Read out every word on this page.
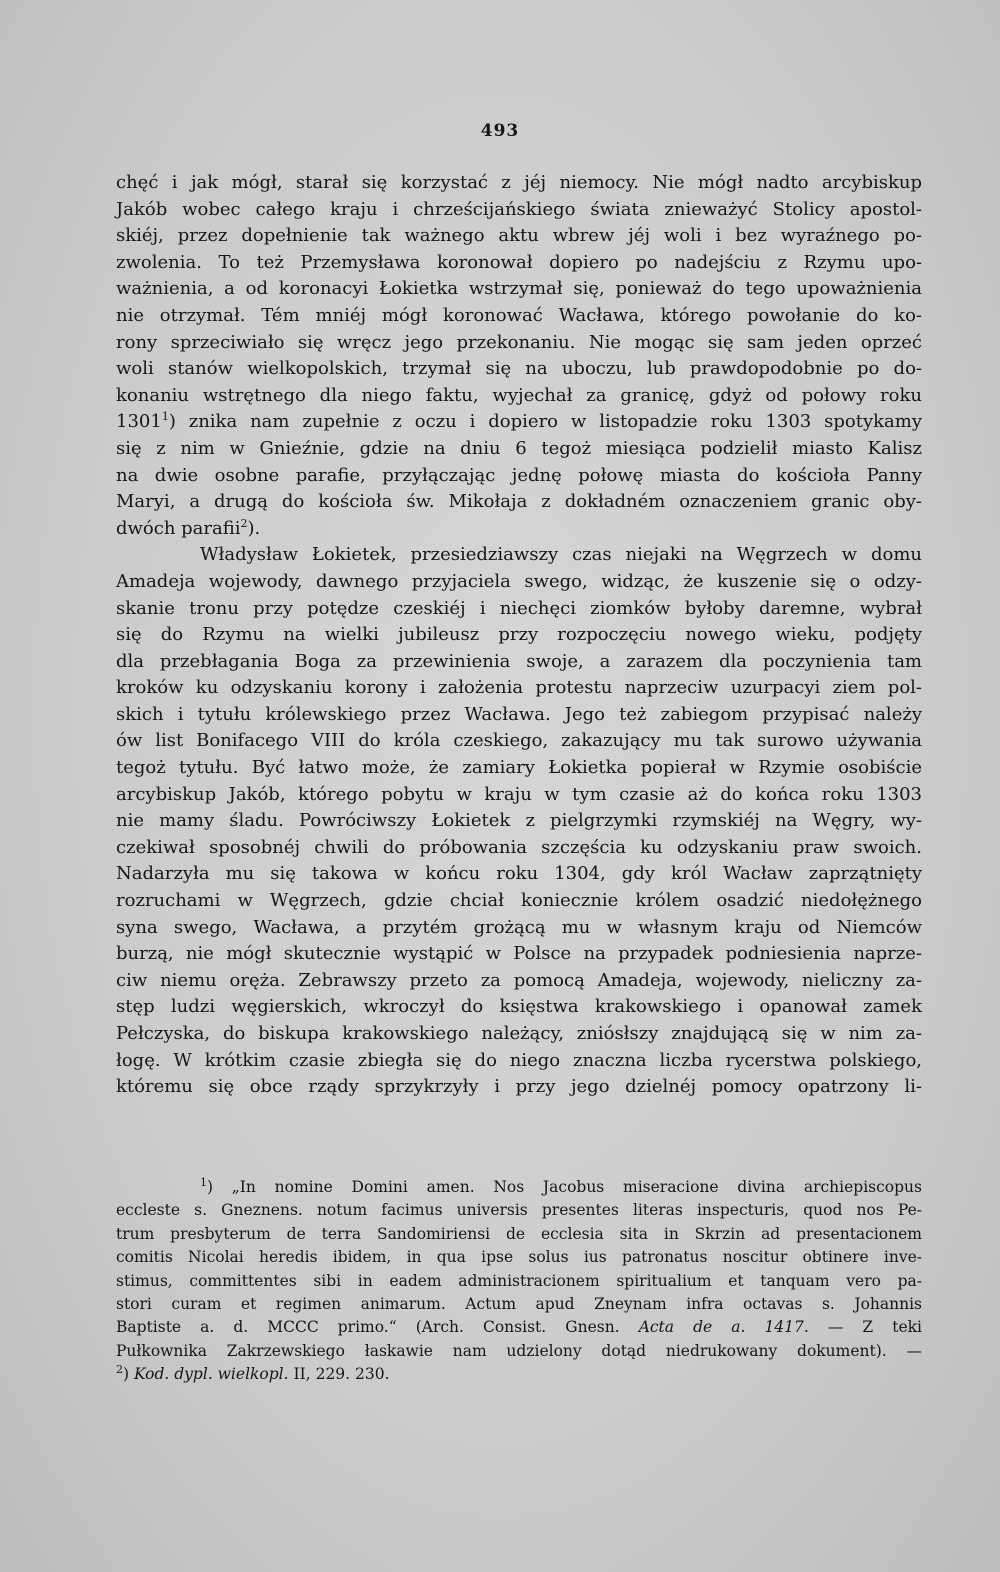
493
chęć i jak mógł, starał się korzystać z jéj niemocy. Nie mógł nadto arcybiskup
Jakób wobec całego kraju i chrześcijańskiego świata znieważyć Stolicy apostol-
skiéj, przez dopełnienie tak ważnego aktu wbrew jéj woli i bez wyraźnego po-
zwolenia. To też Przemysława koronował dopiero po nadejściu z Rzymu upo-
ważnienia, a od koronacyi Łokietka wstrzymał się, ponieważ do tego upoważnienia
nie otrzymał. Tém mniéj mógł koronować Wacława, którego powołanie do ko-
rony sprzeciwiało się wręcz jego przekonaniu. Nie mogąc się sam jeden oprzeć
woli stanów wielkopolskich, trzymał się na uboczu, lub prawdopodobnie po do-
konaniu wstrętnego dla niego faktu, wyjechał za granicę, gdyż od połowy roku
1301$^1$) znika nam zupełnie z oczu i dopiero w listopadzie roku 1303 spotykamy
się z nim w Gnieźnie, gdzie na dniu 6 tegoż miesiąca podzielił miasto Kalisz
na dwie osobne parafie, przyłączając jednę połowę miasta do kościoła Panny
Maryi, a drugą do kościoła św. Mikołaja z dokładném oznaczeniem granic oby-
dwóch parafii$^2$).
Władysław Łokietek, przesiedziawszy czas niejaki na Węgrzech w domu
Amadeja wojewody, dawnego przyjaciela swego, widząc, że kuszenie się o odzy-
skanie tronu przy potędze czeskiéj i niechęci ziomków byłoby daremne, wybrał
się do Rzymu na wielki jubileusz przy rozpoczęciu nowego wieku, podjęty
dla przebłagania Boga za przewinienia swoje, a zarazem dla poczynienia tam
kroków ku odzyskaniu korony i założenia protestu naprzeciw uzurpacyi ziem pol-
skich i tytułu królewskiego przez Wacława. Jego też zabiegom przypisać należy
ów list Bonifacego VIII do króla czeskiego, zakazujący mu tak surowo używania
tegoż tytułu. Być łatwo może, że zamiary Łokietka popierał w Rzymie osobiście
arcybiskup Jakób, którego pobytu w kraju w tym czasie aż do końca roku 1303
nie mamy śladu. Powróciwszy Łokietek z pielgrzymki rzymskiéj na Węgry, wy-
czekiwał sposobnéj chwili do próbowania szczęścia ku odzyskaniu praw swoich.
Nadarzyła mu się takowa w końcu roku 1304, gdy król Wacław zaprzątnięty
rozruchami w Węgrzech, gdzie chciał koniecznie królem osadzić niedołężnego
syna swego, Wacława, a przytém grożącą mu w własnym kraju od Niemców
burzą, nie mógł skutecznie wystąpić w Polsce na przypadek podniesienia naprze-
ciw niemu oręża. Zebrawszy przeto za pomocą Amadeja, wojewody, nieliczny za-
stęp ludzi węgierskich, wkroczył do księstwa krakowskiego i opanował zamek
Pełczyska, do biskupa krakowskiego należący, zniósłszy znajdującą się w nim za-
łogę. W krótkim czasie zbiegła się do niego znaczna liczba rycerstwa polskiego,
któremu się obce rządy sprzykrzyły i przy jego dzielnéj pomocy opatrzony li-
$^1$) „In nomine Domini amen. Nos Jacobus miseracione divina archiepiscopus
eccleste s. Gneznens. notum facimus universis presentes literas inspecturis, quod nos Pe-
trum presbyterum de terra Sandomiriensi de ecclesia sita in Skrzin ad presentacionem
comitis Nicolai heredis ibidem, in qua ipse solus ius patronatus noscitur obtinere inve-
stimus, committentes sibi in eadem administracionem spiritualium et tanquam vero pa-
stori curam et regimen animarum. Actum apud Zneynam infra octavas s. Johannis
Baptiste a. d. MCCC primo.“ (Arch. Consist. Gnesn. Acta de a. 1417. — Z teki
Pułkownika Zakrzewskiego łaskawie nam udzielony dotąd niedrukowany dokument). —
$^2$) Kod. dypl. wielkopl. II, 229. 230.
